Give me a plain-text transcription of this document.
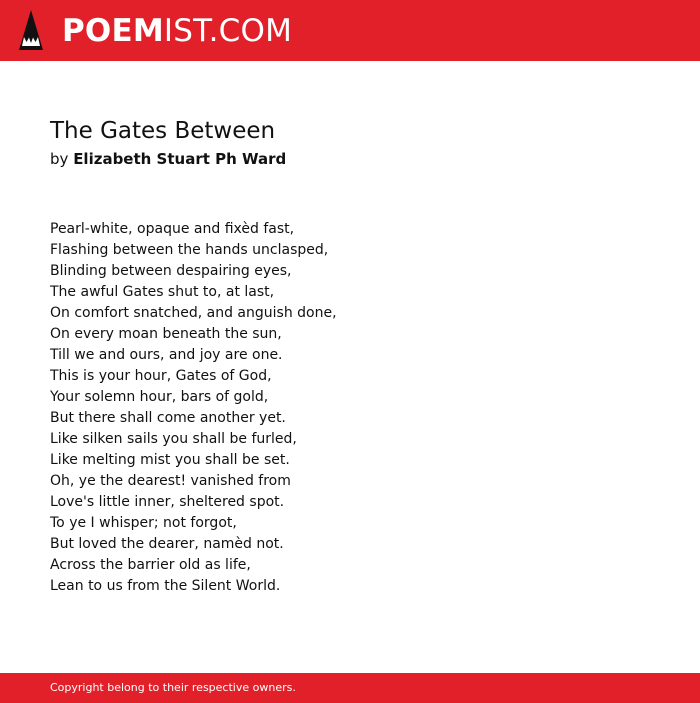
POEMIST.COM
The Gates Between
by Elizabeth Stuart Ph Ward
Pearl-white, opaque and fixèd fast,
Flashing between the hands unclasped,
Blinding between despairing eyes,
The awful Gates shut to, at last,
On comfort snatched, and anguish done,
On every moan beneath the sun,
Till we and ours, and joy are one.
This is your hour, Gates of God,
Your solemn hour, bars of gold,
But there shall come another yet.
Like silken sails you shall be furled,
Like melting mist you shall be set.
Oh, ye the dearest! vanished from
Love's little inner, sheltered spot.
To ye I whisper; not forgot,
But loved the dearer, namèd not.
Across the barrier old as life,
Lean to us from the Silent World.
Copyright belong to their respective owners.
